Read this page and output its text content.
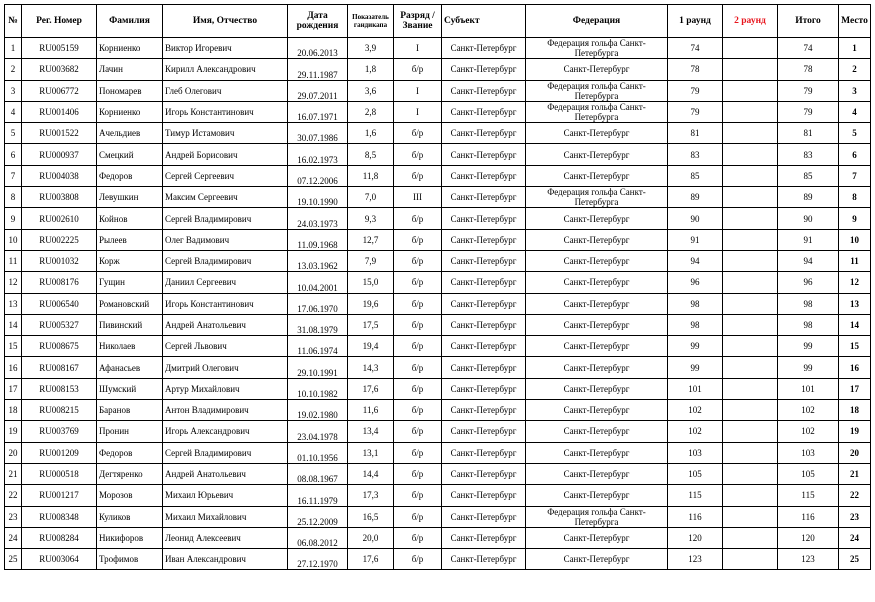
№	Рег. Номер	Фамилия	Имя, Отчество	Дата рождения	Показатель гандикапа	Разряд / Звание	Субъект	Федерация	1 раунд	2 раунд	Итого	Место
1	RU005159	Корниенко	Виктор Игоревич	20.06.2013	3,9	I	Санкт-Петербург	Федерация гольфа Санкт-Петербурга	74		74	1
2	RU003682	Лачин	Кирилл Александрович	29.11.1987	1,8	б/р	Санкт-Петербург	Санкт-Петербург	78		78	2
3	RU006772	Пономарев	Глеб Олегович	29.07.2011	3,6	I	Санкт-Петербург	Федерация гольфа Санкт-Петербурга	79		79	3
4	RU001406	Корниенко	Игорь Константинович	16.07.1971	2,8	I	Санкт-Петербург	Федерация гольфа Санкт-Петербурга	79		79	4
5	RU001522	Ачельдиев	Тимур Истамович	30.07.1986	1,6	б/р	Санкт-Петербург	Санкт-Петербург	81		81	5
6	RU000937	Смецкий	Андрей Борисович	16.02.1973	8,5	б/р	Санкт-Петербург	Санкт-Петербург	83		83	6
7	RU004038	Федоров	Сергей Сергеевич	07.12.2006	11,8	б/р	Санкт-Петербург	Санкт-Петербург	85		85	7
8	RU003808	Левушкин	Максим Сергеевич	19.10.1990	7,0	III	Санкт-Петербург	Федерация гольфа Санкт-Петербурга	89		89	8
9	RU002610	Койнов	Сергей Владимирович	24.03.1973	9,3	б/р	Санкт-Петербург	Санкт-Петербург	90		90	9
10	RU002225	Рылеев	Олег Вадимович	11.09.1968	12,7	б/р	Санкт-Петербург	Санкт-Петербург	91		91	10
11	RU001032	Корж	Сергей Владимирович	13.03.1962	7,9	б/р	Санкт-Петербург	Санкт-Петербург	94		94	11
12	RU008176	Гущин	Даниил Сергеевич	10.04.2001	15,0	б/р	Санкт-Петербург	Санкт-Петербург	96		96	12
13	RU006540	Романовский	Игорь Константинович	17.06.1970	19,6	б/р	Санкт-Петербург	Санкт-Петербург	98		98	13
14	RU005327	Пивинский	Андрей Анатольевич	31.08.1979	17,5	б/р	Санкт-Петербург	Санкт-Петербург	98		98	14
15	RU008675	Николаев	Сергей Львович	11.06.1974	19,4	б/р	Санкт-Петербург	Санкт-Петербург	99		99	15
16	RU008167	Афанасьев	Дмитрий Олегович	29.10.1991	14,3	б/р	Санкт-Петербург	Санкт-Петербург	99		99	16
17	RU008153	Шумский	Артур Михайлович	10.10.1982	17,6	б/р	Санкт-Петербург	Санкт-Петербург	101		101	17
18	RU008215	Баранов	Антон Владимирович	19.02.1980	11,6	б/р	Санкт-Петербург	Санкт-Петербург	102		102	18
19	RU003769	Пронин	Игорь Александрович	23.04.1978	13,4	б/р	Санкт-Петербург	Санкт-Петербург	102		102	19
20	RU001209	Федоров	Сергей Владимирович	01.10.1956	13,1	б/р	Санкт-Петербург	Санкт-Петербург	103		103	20
21	RU000518	Дегтяренко	Андрей Анатольевич	08.08.1967	14,4	б/р	Санкт-Петербург	Санкт-Петербург	105		105	21
22	RU001217	Морозов	Михаил Юрьевич	16.11.1979	17,3	б/р	Санкт-Петербург	Санкт-Петербург	115		115	22
23	RU008348	Куликов	Михаил Михайлович	25.12.2009	16,5	б/р	Санкт-Петербург	Федерация гольфа Санкт-Петербурга	116		116	23
24	RU008284	Никифоров	Леонид Алексеевич	06.08.2012	20,0	б/р	Санкт-Петербург	Санкт-Петербург	120		120	24
25	RU003064	Трофимов	Иван Александрович	27.12.1970	17,6	б/р	Санкт-Петербург	Санкт-Петербург	123		123	25
